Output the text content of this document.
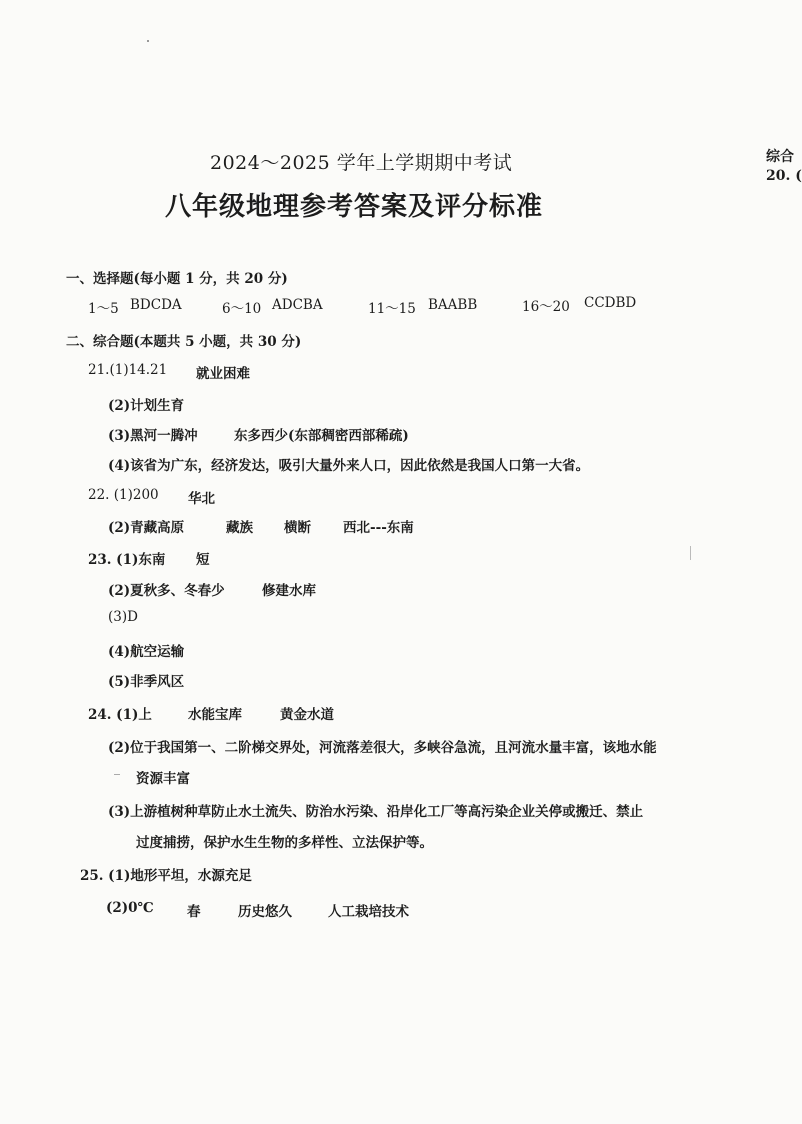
综合
20. (
2024～2025 学年上学期期中考试
八年级地理参考答案及评分标准
一、选择题(每小题 1 分，共 20 分)
1～5 BDCDA	6～10 ADCBA	11～15 BAABB	16～20 CCDBD
二、综合题(本题共 5 小题，共 30 分)
21.(1)14.21 就业困难
(2)计划生育
(3)黑河一腾冲	东多西少(东部稠密西部稀疏)
(4)该省为广东，经济发达，吸引大量外来人口，因此依然是我国人口第一大省。
22. (1)200 华北
(2)青藏高原	藏族 横断 西北---东南
23. (1)东南 短
(2)夏秋多、冬春少	修建水库
(3)D
(4)航空运输
(5)非季风区
24. (1)上	水能宝库	黄金水道
(2)位于我国第一、二阶梯交界处，河流落差很大，多峡谷急流，且河流水量丰富，该地水能
资源丰富
(3)上游植树种草防止水土流失、防治水污染、沿岸化工厂等高污染企业关停或搬迁、禁止
过度捕捞，保护水生生物的多样性、立法保护等。
25. (1)地形平坦，水源充足
(2)0℃ 春	历史悠久	人工栽培技术
